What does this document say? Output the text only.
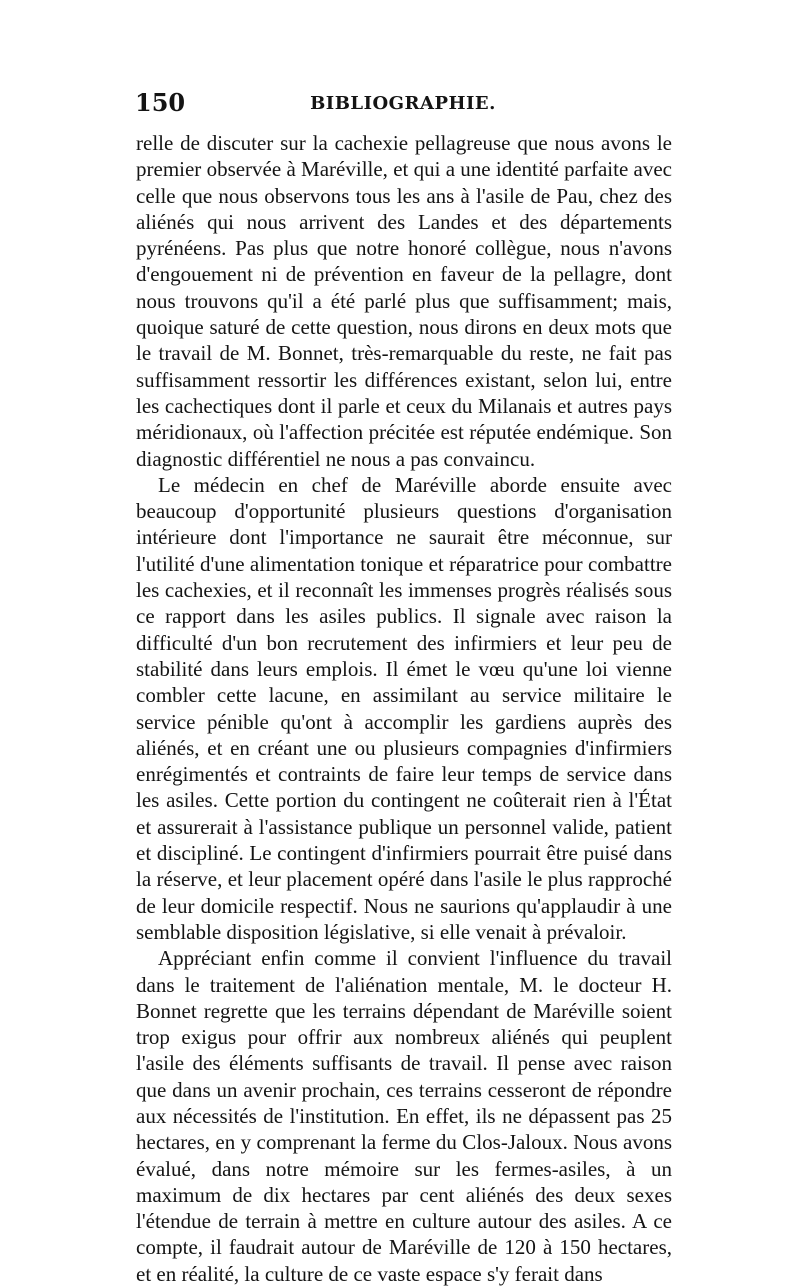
150	BIBLIOGRAPHIE.

relle de discuter sur la cachexie pellagreuse que nous avons le premier observée à Maréville, et qui a une identité parfaite avec celle que nous observons tous les ans à l'asile de Pau, chez des aliénés qui nous arrivent des Landes et des départements pyrénéens. Pas plus que notre honoré collègue, nous n'avons d'engouement ni de prévention en faveur de la pellagre, dont nous trouvons qu'il a été parlé plus que suffisamment; mais, quoique saturé de cette question, nous dirons en deux mots que le travail de M. Bonnet, très-remarquable du reste, ne fait pas suffisamment ressortir les différences existant, selon lui, entre les cachectiques dont il parle et ceux du Milanais et autres pays méridionaux, où l'affection précitée est réputée endémique. Son diagnostic différentiel ne nous a pas convaincu.

Le médecin en chef de Maréville aborde ensuite avec beaucoup d'opportunité plusieurs questions d'organisation intérieure dont l'importance ne saurait être méconnue, sur l'utilité d'une alimentation tonique et réparatrice pour combattre les cachexies, et il reconnaît les immenses progrès réalisés sous ce rapport dans les asiles publics. Il signale avec raison la difficulté d'un bon recrutement des infirmiers et leur peu de stabilité dans leurs emplois. Il émet le vœu qu'une loi vienne combler cette lacune, en assimilant au service militaire le service pénible qu'ont à accomplir les gardiens auprès des aliénés, et en créant une ou plusieurs compagnies d'infirmiers enrégimentés et contraints de faire leur temps de service dans les asiles. Cette portion du contingent ne coûterait rien à l'État et assurerait à l'assistance publique un personnel valide, patient et discipliné. Le contingent d'infirmiers pourrait être puisé dans la réserve, et leur placement opéré dans l'asile le plus rapproché de leur domicile respectif. Nous ne saurions qu'applaudir à une semblable disposition législative, si elle venait à prévaloir.

Appréciant enfin comme il convient l'influence du travail dans le traitement de l'aliénation mentale, M. le docteur H. Bonnet regrette que les terrains dépendant de Maréville soient trop exigus pour offrir aux nombreux aliénés qui peuplent l'asile des éléments suffisants de travail. Il pense avec raison que dans un avenir prochain, ces terrains cesseront de répondre aux nécessités de l'institution. En effet, ils ne dépassent pas 25 hectares, en y comprenant la ferme du Clos-Jaloux. Nous avons évalué, dans notre mémoire sur les fermes-asiles, à un maximum de dix hectares par cent aliénés des deux sexes l'étendue de terrain à mettre en culture autour des asiles. A ce compte, il faudrait autour de Maréville de 120 à 150 hectares, et en réalité, la culture de ce vaste espace s'y ferait dans
